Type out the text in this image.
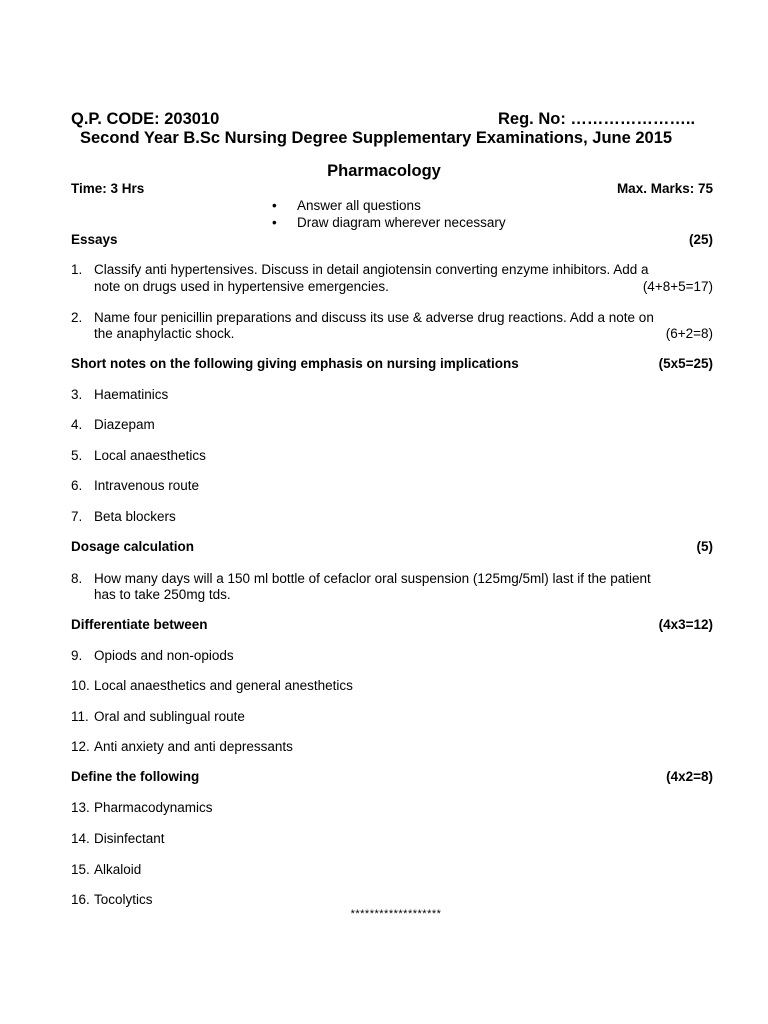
Q.P. CODE: 203010	Reg. No: …………………..
Second Year B.Sc Nursing Degree Supplementary Examinations, June 2015
Pharmacology
Time: 3 Hrs	Max. Marks: 75
• Answer all questions
• Draw diagram wherever necessary
Essays	(25)
1. Classify anti hypertensives. Discuss in detail angiotensin converting enzyme inhibitors. Add a
note on drugs used in hypertensive emergencies.	(4+8+5=17)
2. Name four penicillin preparations and discuss its use & adverse drug reactions. Add a note on
the anaphylactic shock.	(6+2=8)
Short notes on the following giving emphasis on nursing implications	(5x5=25)
3. Haematinics
4. Diazepam
5. Local anaesthetics
6. Intravenous route
7. Beta blockers
Dosage calculation	(5)
8. How many days will a 150 ml bottle of cefaclor oral suspension (125mg/5ml) last if the patient
has to take 250mg tds.
Differentiate between	(4x3=12)
9. Opiods and non-opiods
10. Local anaesthetics and general anesthetics
11. Oral and sublingual route
12. Anti anxiety and anti depressants
Define the following	(4x2=8)
13. Pharmacodynamics
14. Disinfectant
15. Alkaloid
16. Tocolytics
*******************
